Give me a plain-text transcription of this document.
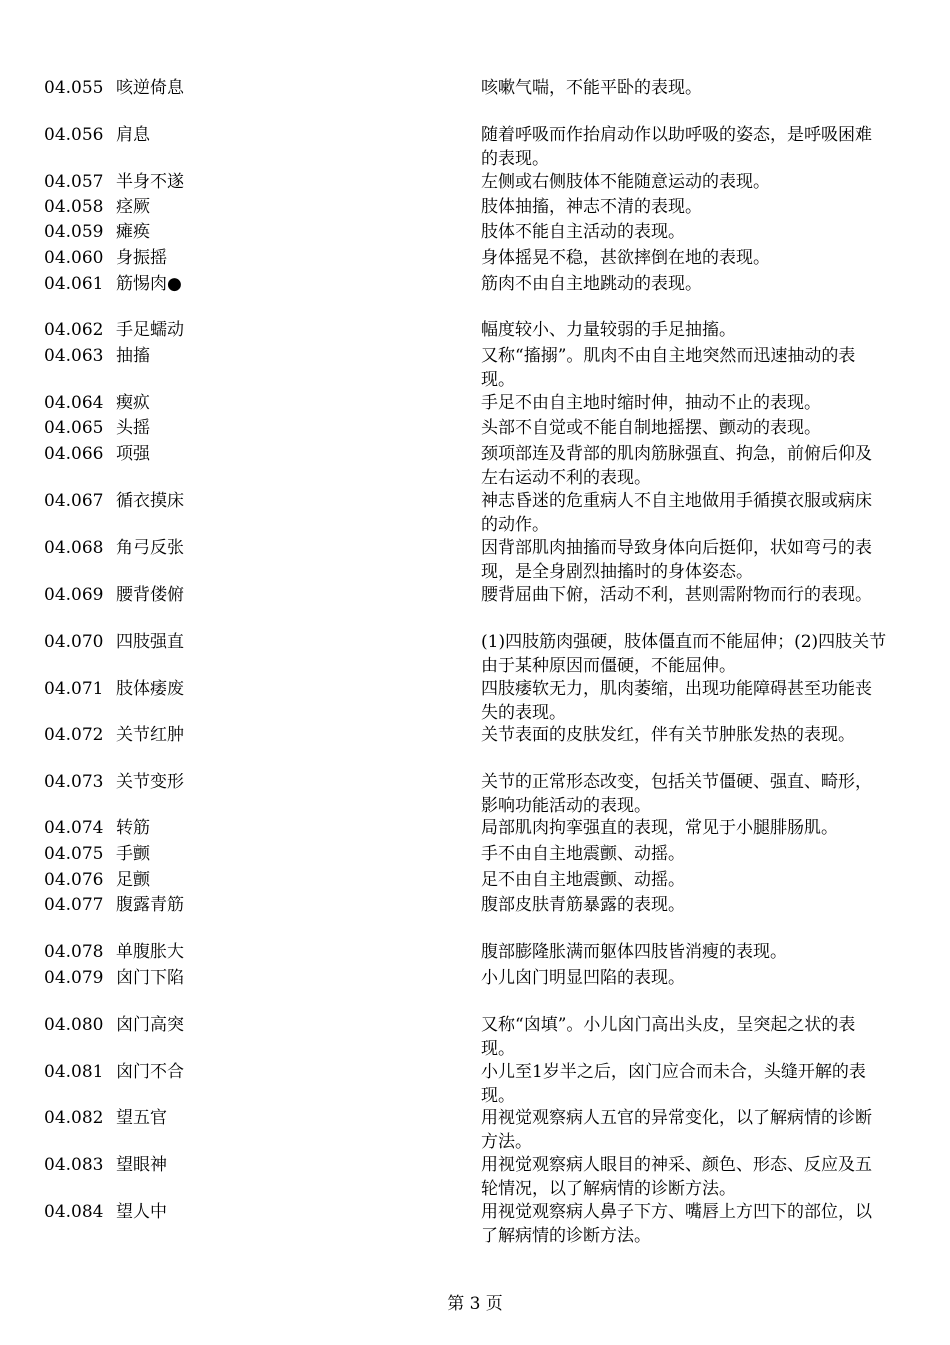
04.055 咳逆倚息	咳嗽气喘，不能平卧的表现。
04.056 肩息	随着呼吸而作抬肩动作以助呼吸的姿态，是呼吸困难的表现。
04.057 半身不遂	左侧或右侧肢体不能随意运动的表现。
04.058 痉厥	肢体抽搐，神志不清的表现。
04.059 瘫痪	肢体不能自主活动的表现。
04.060 身振摇	身体摇晃不稳，甚欲摔倒在地的表现。
04.061 筋惕肉●	筋肉不由自主地跳动的表现。
04.062 手足蠕动	幅度较小、力量较弱的手足抽搐。
04.063 抽搐	又称“搐搦”。肌肉不由自主地突然而迅速抽动的表现。
04.064 瘈疭	手足不由自主地时缩时伸，抽动不止的表现。
04.065 头摇	头部不自觉或不能自制地摇摆、颤动的表现。
04.066 项强	颈项部连及背部的肌肉筋脉强直、拘急，前俯后仰及左右运动不利的表现。
04.067 循衣摸床	神志昏迷的危重病人不自主地做用手循摸衣服或病床的动作。
04.068 角弓反张	因背部肌肉抽搐而导致身体向后挺仰，状如弯弓的表现，是全身剧烈抽搐时的身体姿态。
04.069 腰背偻俯	腰背屈曲下俯，活动不利，甚则需附物而行的表现。
04.070 四肢强直	(1)四肢筋肉强硬，肢体僵直而不能屈伸；(2)四肢关节由于某种原因而僵硬，不能屈伸。
04.071 肢体痿废	四肢痿软无力，肌肉萎缩，出现功能障碍甚至功能丧失的表现。
04.072 关节红肿	关节表面的皮肤发红，伴有关节肿胀发热的表现。
04.073 关节变形	关节的正常形态改变，包括关节僵硬、强直、畸形，影响功能活动的表现。
04.074 转筋	局部肌肉拘挛强直的表现，常见于小腿腓肠肌。
04.075 手颤	手不由自主地震颤、动摇。
04.076 足颤	足不由自主地震颤、动摇。
04.077 腹露青筋	腹部皮肤青筋暴露的表现。
04.078 单腹胀大	腹部膨隆胀满而躯体四肢皆消瘦的表现。
04.079 囟门下陷	小儿囟门明显凹陷的表现。
04.080 囟门高突	又称“囟填”。小儿囟门高出头皮，呈突起之状的表现。
04.081 囟门不合	小儿至1岁半之后，囟门应合而未合，头缝开解的表现。
04.082 望五官	用视觉观察病人五官的异常变化，以了解病情的诊断方法。
04.083 望眼神	用视觉观察病人眼目的神采、颜色、形态、反应及五轮情况，以了解病情的诊断方法。
04.084 望人中	用视觉观察病人鼻子下方、嘴唇上方凹下的部位，以了解病情的诊断方法。
第 3 页
